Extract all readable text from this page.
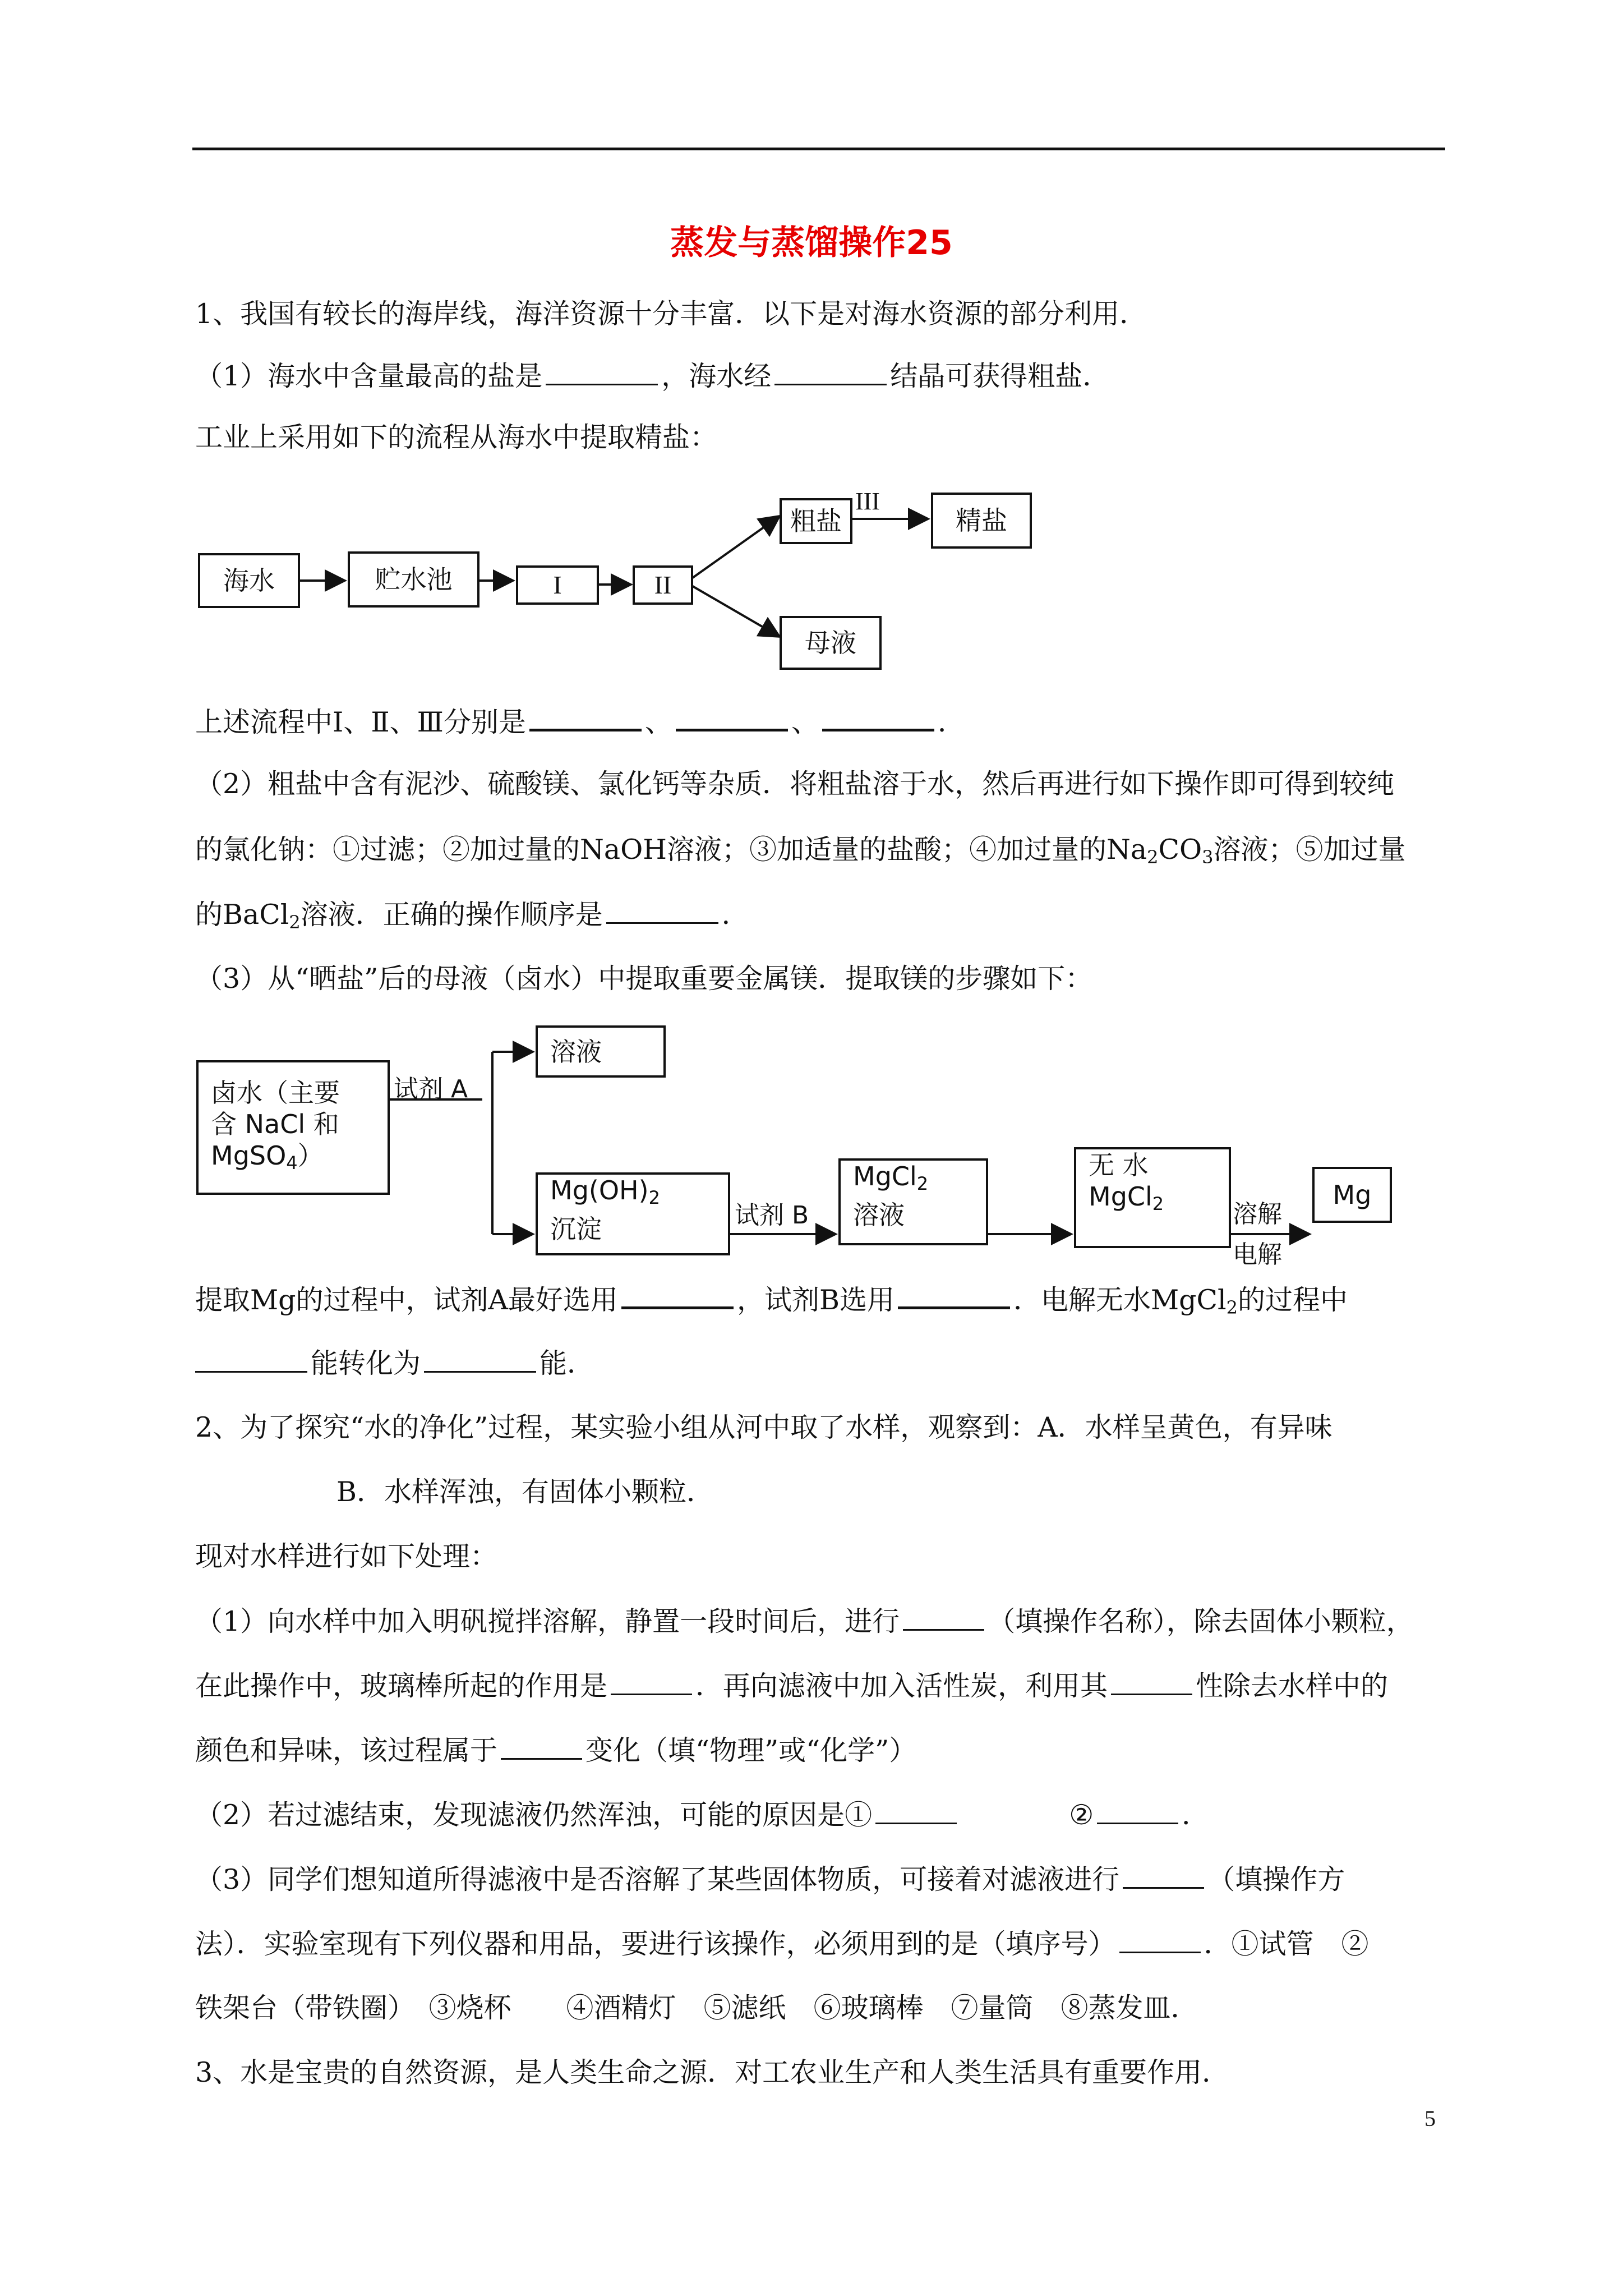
蒸发与蒸馏操作25
1、我国有较长的海岸线，海洋资源十分丰富．以下是对海水资源的部分利用．
（1）海水中含量最高的盐是	，海水经	结晶可获得粗盐．
工业上采用如下的流程从海水中提取精盐：
海水	贮水池	I	II
粗盐
III
精盐
母液
上述流程中Ⅰ、Ⅱ、Ⅲ分别是	、	、	．
（2）粗盐中含有泥沙、硫酸镁、氯化钙等杂质．将粗盐溶于水，然后再进行如下操作即可得到较纯
的氯化钠：①过滤；②加过量的NaOH溶液；③加适量的盐酸；④加过量的$Na_2CO_3$溶液；⑤加过量
的BaCl$_2$溶液．正确的操作顺序是	．
（3）从“晒盐”后的母液（卤水）中提取重要金属镁．提取镁的步骤如下：
卤水（主要
含 NaCl 和
MgSO$_4$）
试剂 A
溶液
$Mg(OH)_2$
沉淀	试剂 B
MgCl$_2$
溶液
无 水
MgCl$_2$	溶解
电解
Mg
提取Mg的过程中，试剂A最好选用	，试剂B选用	．电解无水MgCl$_2$的过程中
能转化为	能．
2、为了探究“水的净化”过程，某实验小组从河中取了水样，观察到：A．水样呈黄色，有异味
B．水样浑浊，有固体小颗粒．
现对水样进行如下处理：
（1）向水样中加入明矾搅拌溶解，静置一段时间后，进行	（填操作名称），除去固体小颗粒，
在此操作中，玻璃棒所起的作用是	．再向滤液中加入活性炭，利用其	性除去水样中的
颜色和异味，该过程属于	变化（填“物理”或“化学”）
（2）若过滤结束，发现滤液仍然浑浊，可能的原因是①	②	．
（3）同学们想知道所得滤液中是否溶解了某些固体物质，可接着对滤液进行	（填操作方
法）．实验室现有下列仪器和用品，要进行该操作，必须用到的是（填序号）	．①试管　②
铁架台（带铁圈）　③烧杯　　④酒精灯　⑤滤纸　⑥玻璃棒　⑦量筒　⑧蒸发皿．
3、水是宝贵的自然资源，是人类生命之源．对工农业生产和人类生活具有重要作用．
5
